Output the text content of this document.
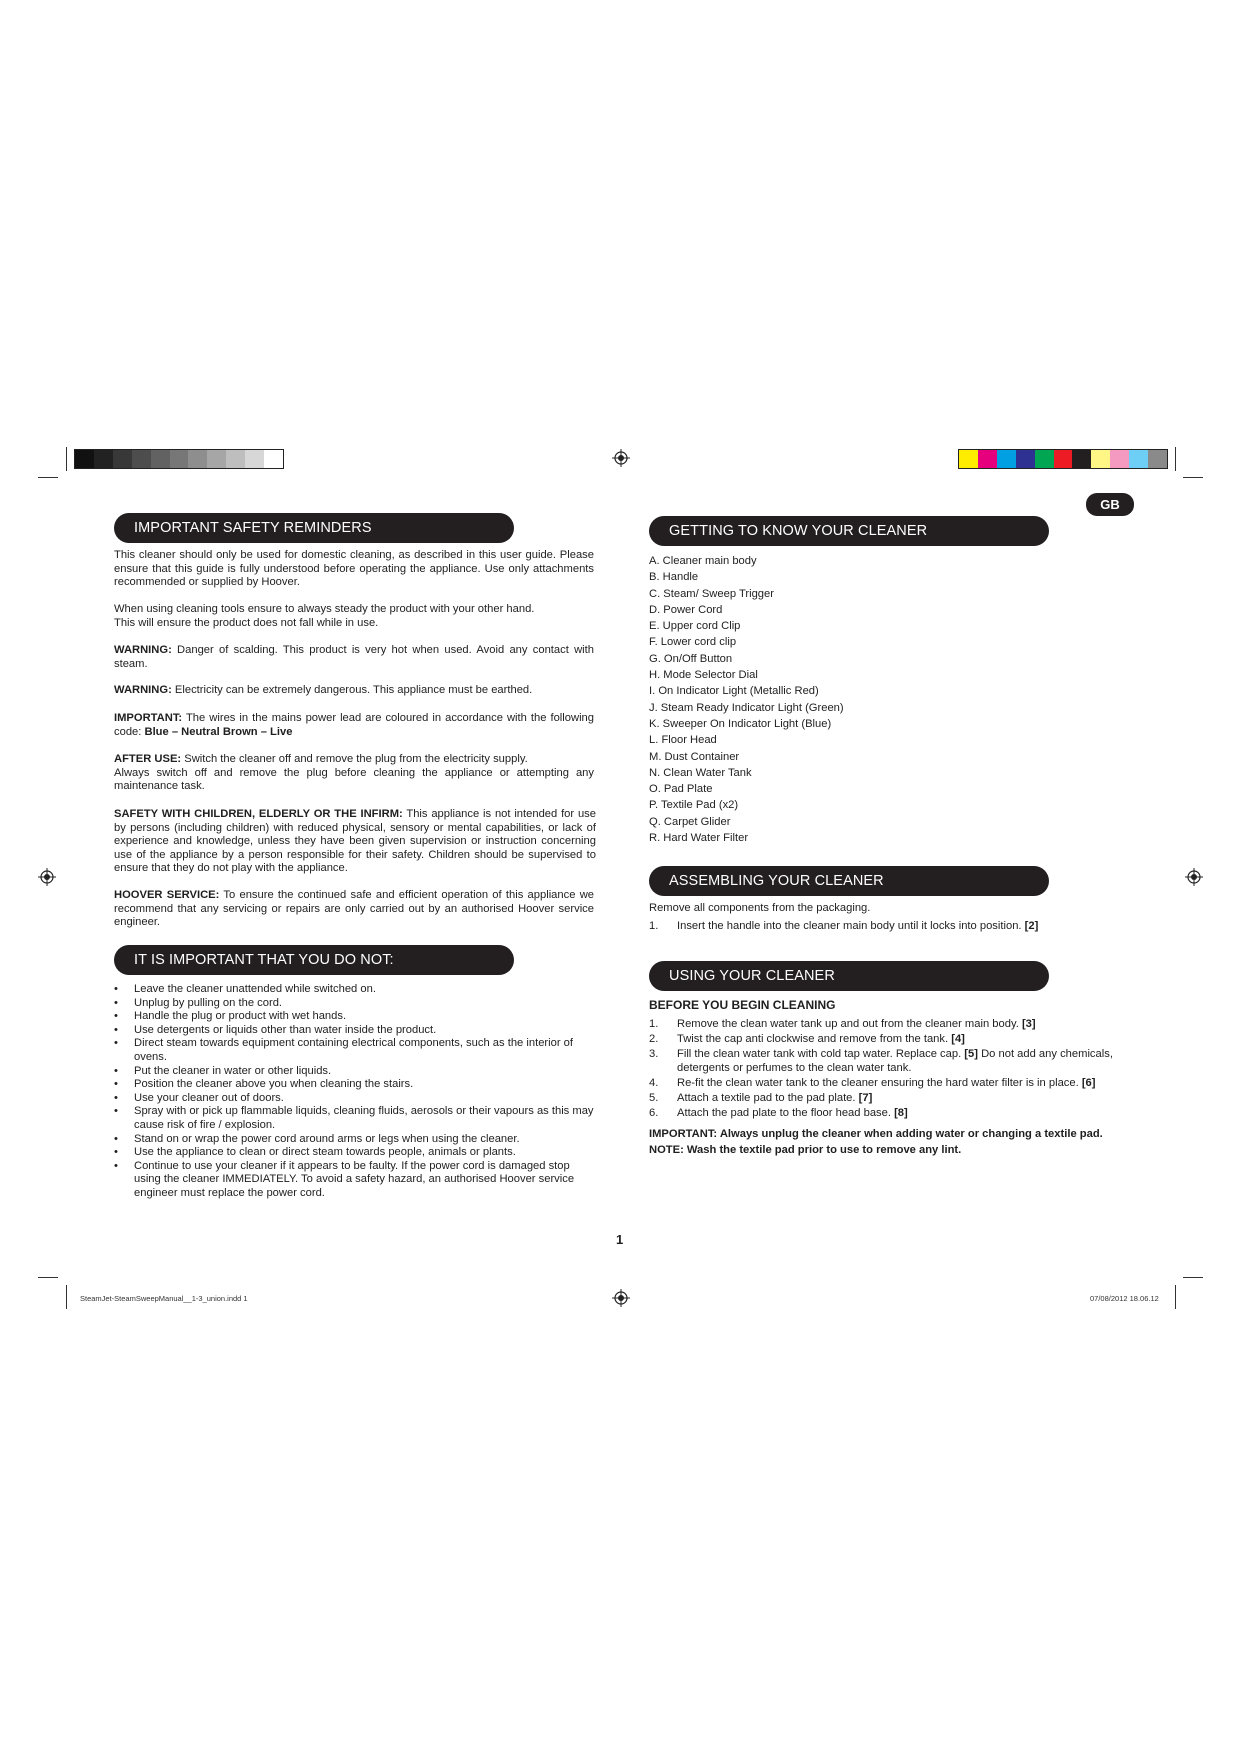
IMPORTANT SAFETY REMINDERS
This cleaner should only be used for domestic cleaning, as described in this user guide. Please ensure that this guide is fully understood before operating the appliance. Use only attachments recommended or supplied by Hoover.
When using cleaning tools ensure to always steady the product with your other hand.
This will ensure the product does not fall while in use.
WARNING: Danger of scalding. This product is very hot when used. Avoid any contact with steam.
WARNING: Electricity can be extremely dangerous. This appliance must be earthed.
IMPORTANT: The wires in the mains power lead are coloured in accordance with the following code: Blue – Neutral Brown – Live
AFTER USE: Switch the cleaner off and remove the plug from the electricity supply.
Always switch off and remove the plug before cleaning the appliance or attempting any maintenance task.
SAFETY WITH CHILDREN, ELDERLY OR THE INFIRM: This appliance is not intended for use by persons (including children) with reduced physical, sensory or mental capabilities, or lack of experience and knowledge, unless they have been given supervision or instruction concerning use of the appliance by a person responsible for their safety. Children should be supervised to ensure that they do not play with the appliance.
HOOVER SERVICE: To ensure the continued safe and efficient operation of this appliance we recommend that any servicing or repairs are only carried out by an authorised Hoover service engineer.
IT IS IMPORTANT THAT YOU DO NOT:
• Leave the cleaner unattended while switched on.
• Unplug by pulling on the cord.
• Handle the plug or product with wet hands.
• Use detergents or liquids other than water inside the product.
• Direct steam towards equipment containing electrical components, such as the interior of ovens.
• Put the cleaner in water or other liquids.
• Position the cleaner above you when cleaning the stairs.
• Use your cleaner out of doors.
• Spray with or pick up flammable liquids, cleaning fluids, aerosols or their vapours as this may cause risk of fire / explosion.
• Stand on or wrap the power cord around arms or legs when using the cleaner.
• Use the appliance to clean or direct steam towards people, animals or plants.
• Continue to use your cleaner if it appears to be faulty. If the power cord is damaged stop using the cleaner IMMEDIATELY. To avoid a safety hazard, an authorised Hoover service engineer must replace the power cord.
GB
GETTING TO KNOW YOUR CLEANER
A. Cleaner main body
B. Handle
C. Steam/ Sweep Trigger
D. Power Cord
E. Upper cord Clip
F. Lower cord clip
G. On/Off Button
H. Mode Selector Dial
I. On Indicator Light (Metallic Red)
J. Steam Ready Indicator Light (Green)
K. Sweeper On Indicator Light (Blue)
L. Floor Head
M. Dust Container
N. Clean Water Tank
O. Pad Plate
P. Textile Pad (x2)
Q. Carpet Glider
R. Hard Water Filter
ASSEMBLING YOUR CLEANER
Remove all components from the packaging.
1. Insert the handle into the cleaner main body until it locks into position. [2]
USING YOUR CLEANER
BEFORE YOU BEGIN CLEANING
1. Remove the clean water tank up and out from the cleaner main body. [3]
2. Twist the cap anti clockwise and remove from the tank. [4]
3. Fill the clean water tank with cold tap water. Replace cap. [5] Do not add any chemicals, detergents or perfumes to the clean water tank.
4. Re-fit the clean water tank to the cleaner ensuring the hard water filter is in place. [6]
5. Attach a textile pad to the pad plate. [7]
6. Attach the pad plate to the floor head base. [8]
IMPORTANT: Always unplug the cleaner when adding water or changing a textile pad.
NOTE: Wash the textile pad prior to use to remove any lint.
1
SteamJet-SteamSweepManual__1-3_union.indd 1	07/08/2012 18.06.12
